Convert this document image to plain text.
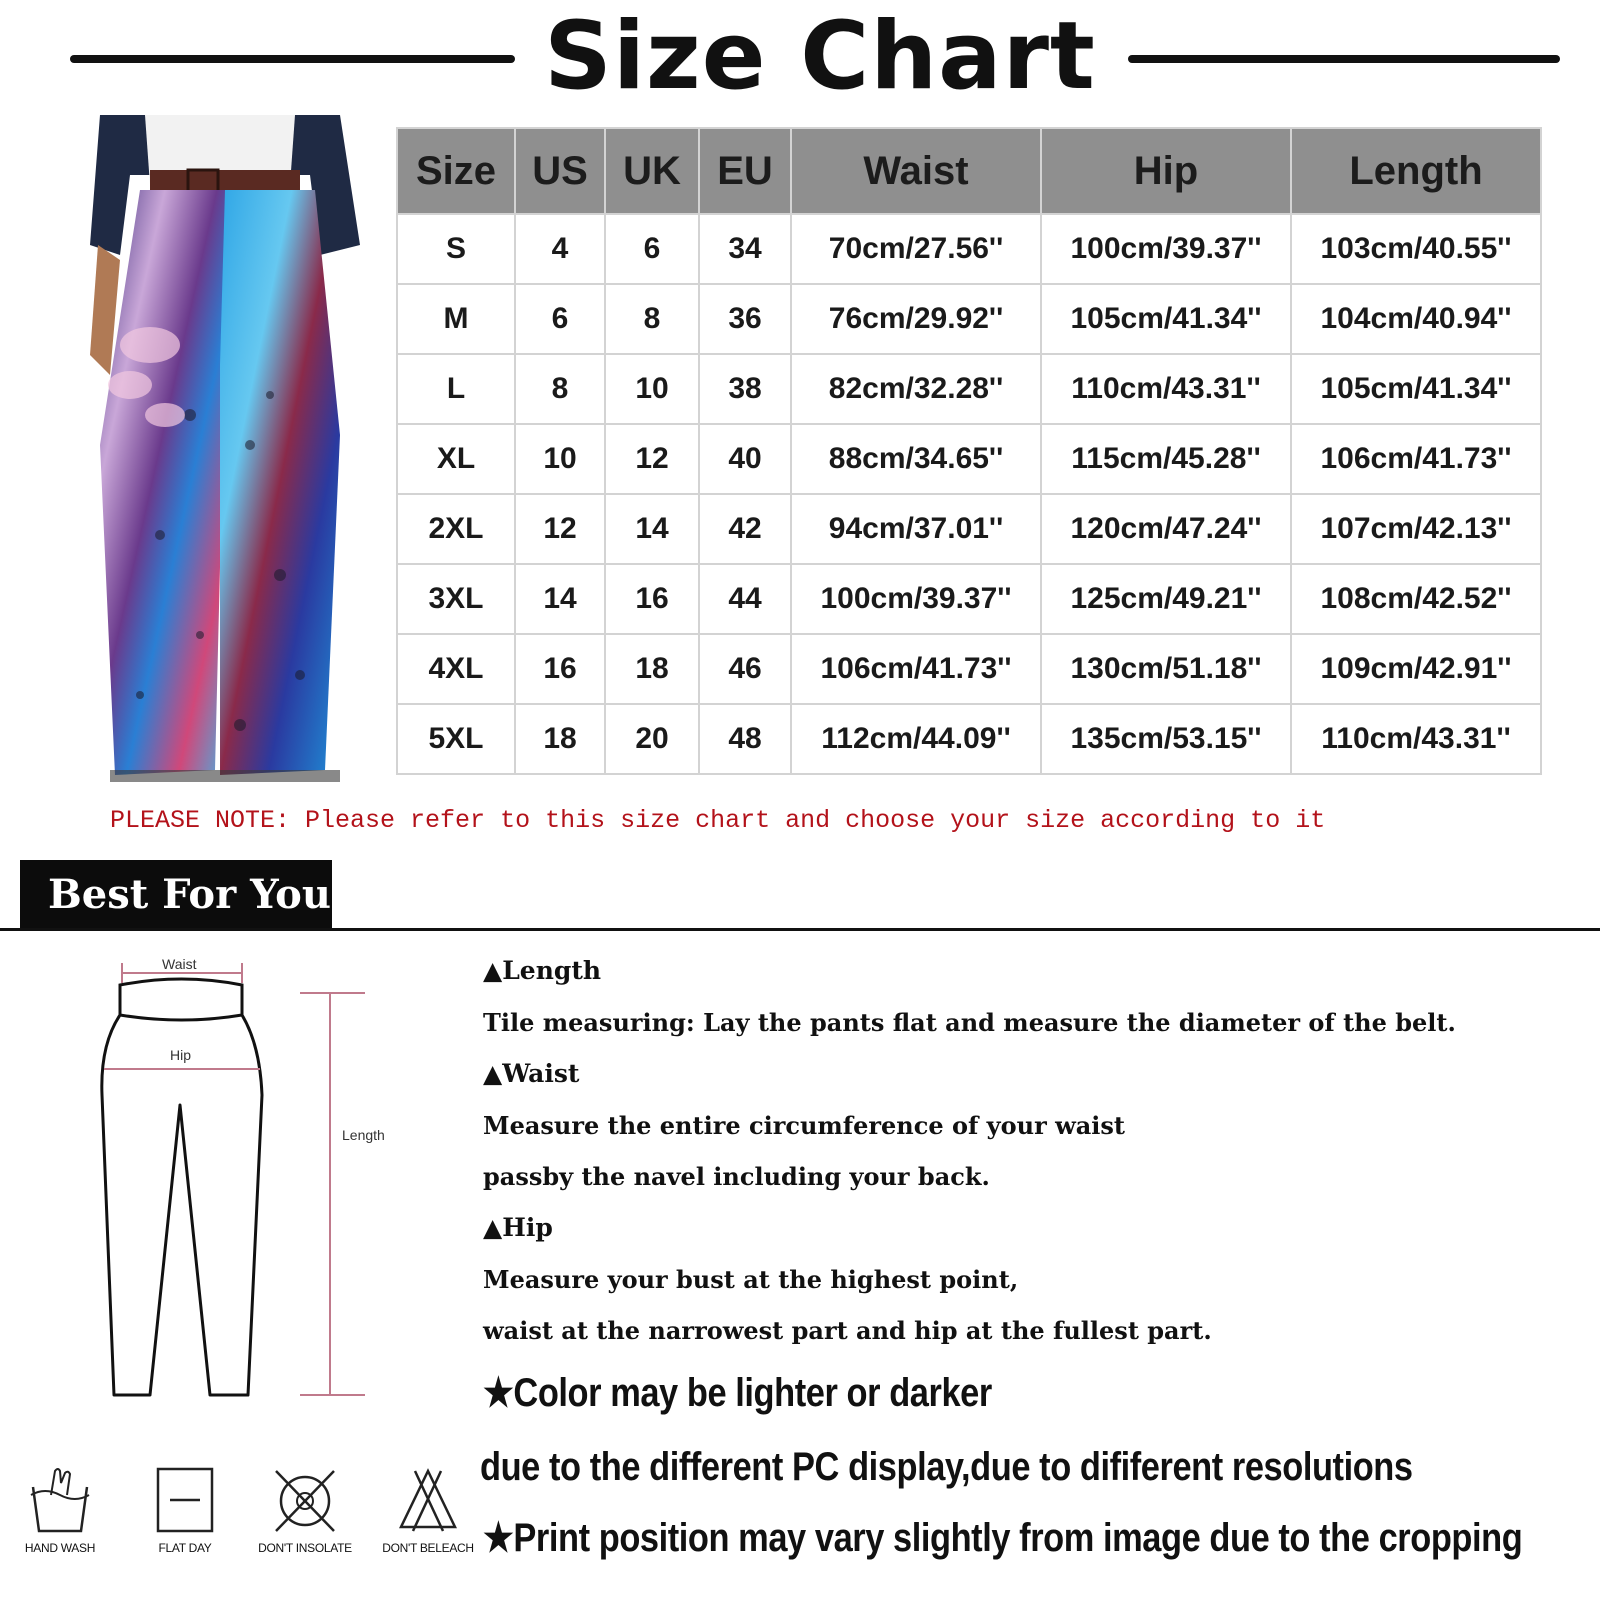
Size Chart
Size	US	UK	EU	Waist	Hip	Length
S	4	6	34	70cm/27.56''	100cm/39.37''	103cm/40.55''
M	6	8	36	76cm/29.92''	105cm/41.34''	104cm/40.94''
L	8	10	38	82cm/32.28''	110cm/43.31''	105cm/41.34''
XL	10	12	40	88cm/34.65''	115cm/45.28''	106cm/41.73''
2XL	12	14	42	94cm/37.01''	120cm/47.24''	107cm/42.13''
3XL	14	16	44	100cm/39.37''	125cm/49.21''	108cm/42.52''
4XL	16	18	46	106cm/41.73''	130cm/51.18''	109cm/42.91''
5XL	18	20	48	112cm/44.09''	135cm/53.15''	110cm/43.31''
PLEASE NOTE: Please refer to this size chart and choose your size according to it
Best For You
Waist
Hip
Length
▲Length
Tile measuring: Lay the pants flat and measure the diameter of the belt.
▲Waist
Measure the entire circumference of your waist
passby the navel including your back.
▲Hip
Measure your bust at the highest point,
waist at the narrowest part and hip at the fullest part.
★Color may be lighter or darker
due to the different PC display,due to dififerent resolutions
★Print position may vary slightly from image due to the cropping
HAND WASH	FLAT DAY	DON'T INSOLATE	DON'T BELEACH
